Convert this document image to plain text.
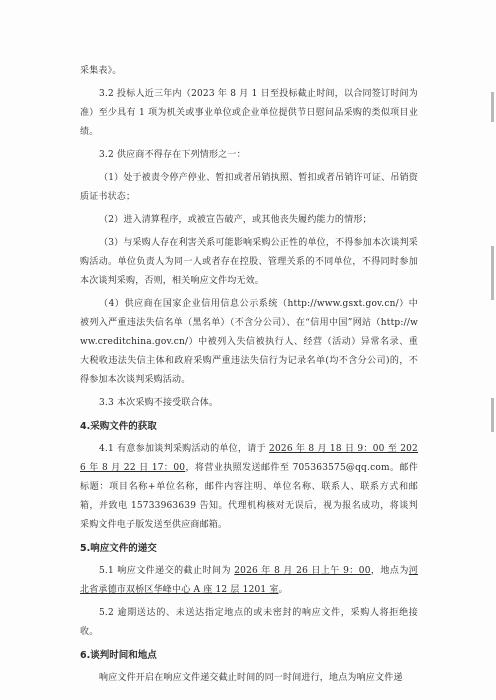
采集表》。

3.2 投标人近三年内（2023 年 8 月 1 日至投标截止时间，以合同签订时间为准）至少具有 1 项为机关或事业单位或企业单位提供节日慰问品采购的类似项目业绩。

3.2 供应商不得存在下列情形之一：

（1）处于被责令停产停业、暂扣或者吊销执照、暂扣或者吊销许可证、吊销资质证书状态；

（2）进入清算程序，或被宣告破产，或其他丧失履约能力的情形；

（3）与采购人存在利害关系可能影响采购公正性的单位，不得参加本次谈判采购活动。单位负责人为同一人或者存在控股、管理关系的不同单位，不得同时参加本次谈判采购，否则，相关响应文件均无效。

（4）供应商在国家企业信用信息公示系统（http://www.gsxt.gov.cn/）中被列入严重违法失信名单（黑名单）（不含分公司）、在“信用中国”网站（http://www.creditchina.gov.cn/）中被列入失信被执行人、经营（活动）异常名录、重大税收违法失信主体和政府采购严重违法失信行为记录名单(均不含分公司)的，不得参加本次谈判采购活动。

3.3 本次采购不接受联合体。

4.采购文件的获取

4.1 有意参加谈判采购活动的单位，请于 2026 年 8 月 18 日 9：00 至 2026 年 8 月 22 日 17：00，将营业执照发送邮件至 705363575@qq.com。邮件标题：项目名称+单位名称，邮件内容注明、单位名称、联系人、联系方式和邮箱，并致电 15733963639 告知。代理机构核对无误后，视为报名成功，将谈判采购文件电子版发送至供应商邮箱。

5.响应文件的递交

5.1 响应文件递交的截止时间为 2026 年 8 月 26 日上午 9：00，地点为河北省承德市双桥区华峰中心 A 座 12 层 1201 室。

5.2 逾期送达的、未送达指定地点的或未密封的响应文件，采购人将拒绝接收。

6.谈判时间和地点

响应文件开启在响应文件递交截止时间的同一时间进行，地点为响应文件递
